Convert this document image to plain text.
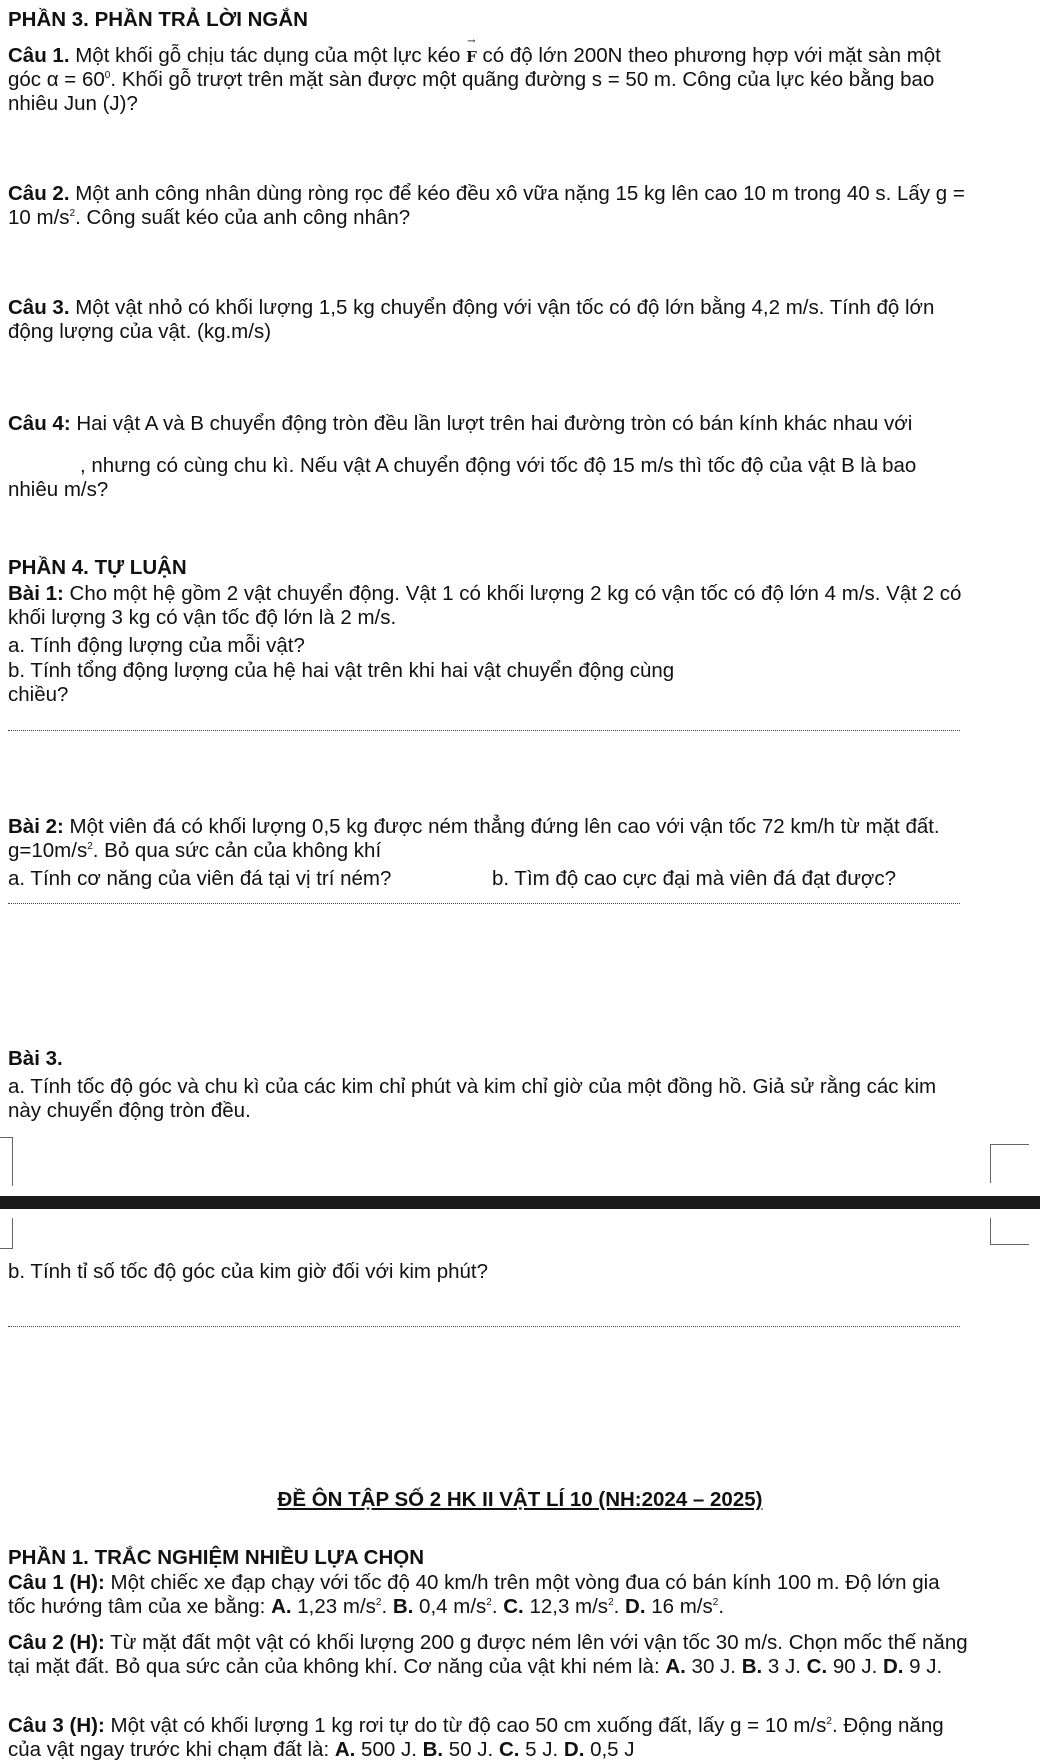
PHẦN 3. PHẦN TRẢ LỜI NGẮN
Câu 1. Một khối gỗ chịu tác dụng của một lực kéo → F có độ lớn 200N theo phương hợp với mặt sàn một góc $\alpha = 60^0$. Khối gỗ trượt trên mặt sàn được một quãng đường s = 50 m. Công của lực kéo bằng bao nhiêu Jun (J)?
Câu 2. Một anh công nhân dùng ròng rọc để kéo đều xô vữa nặng 15 kg lên cao 10 m trong 40 s. Lấy g = 10 $m/s^2$. Công suất kéo của anh công nhân?
Câu 3. Một vật nhỏ có khối lượng 1,5 kg chuyển động với vận tốc có độ lớn bằng 4,2 m/s. Tính độ lớn động lượng của vật. (kg.m/s)
Câu 4: Hai vật A và B chuyển động tròn đều lần lượt trên hai đường tròn có bán kính khác nhau với
, nhưng có cùng chu kì. Nếu vật A chuyển động với tốc độ 15 m/s thì tốc độ của vật B là bao nhiêu m/s?
PHẦN 4. TỰ LUẬN
Bài 1: Cho một hệ gồm 2 vật chuyển động. Vật 1 có khối lượng 2 kg có vận tốc có độ lớn 4 m/s. Vật 2 có khối lượng 3 kg có vận tốc độ lớn là 2 m/s.
a. Tính động lượng của mỗi vật?
b. Tính tổng động lượng của hệ hai vật trên khi hai vật chuyển động cùng chiều?
Bài 2: Một viên đá có khối lượng 0,5 kg được ném thẳng đứng lên cao với vận tốc 72 km/h từ mặt đất. $g=10m/s^2$. Bỏ qua sức cản của không khí
a. Tính cơ năng của viên đá tại vị trí ném?	b. Tìm độ cao cực đại mà viên đá đạt được?
Bài 3.
a. Tính tốc độ góc và chu kì của các kim chỉ phút và kim chỉ giờ của một đồng hồ. Giả sử rằng các kim này chuyển động tròn đều.
b. Tính tỉ số tốc độ góc của kim giờ đối với kim phút?
ĐỀ ÔN TẬP SỐ 2 HK II VẬT LÍ 10 (NH:2024 – 2025)
PHẦN 1. TRẮC NGHIỆM NHIỀU LỰA CHỌN
Câu 1 (H): Một chiếc xe đạp chạy với tốc độ 40 km/h trên một vòng đua có bán kính 100 m. Độ lớn gia tốc hướng tâm của xe bằng: A. 1,23 $m/s^2$. B. 0,4 $m/s^2$. C. 12,3 $m/s^2$. D. 16 $m/s^2$.
Câu 2 (H): Từ mặt đất một vật có khối lượng 200 g được ném lên với vận tốc 30 m/s. Chọn mốc thế năng tại mặt đất. Bỏ qua sức cản của không khí. Cơ năng của vật khi ném là: A. 30 J. B. 3 J. C. 90 J. D. 9 J.
Câu 3 (H): Một vật có khối lượng 1 kg rơi tự do từ độ cao 50 cm xuống đất, lấy g = 10 $m/s^2$. Động năng của vật ngay trước khi chạm đất là: A. 500 J. B. 50 J. C. 5 J. D. 0,5 J
